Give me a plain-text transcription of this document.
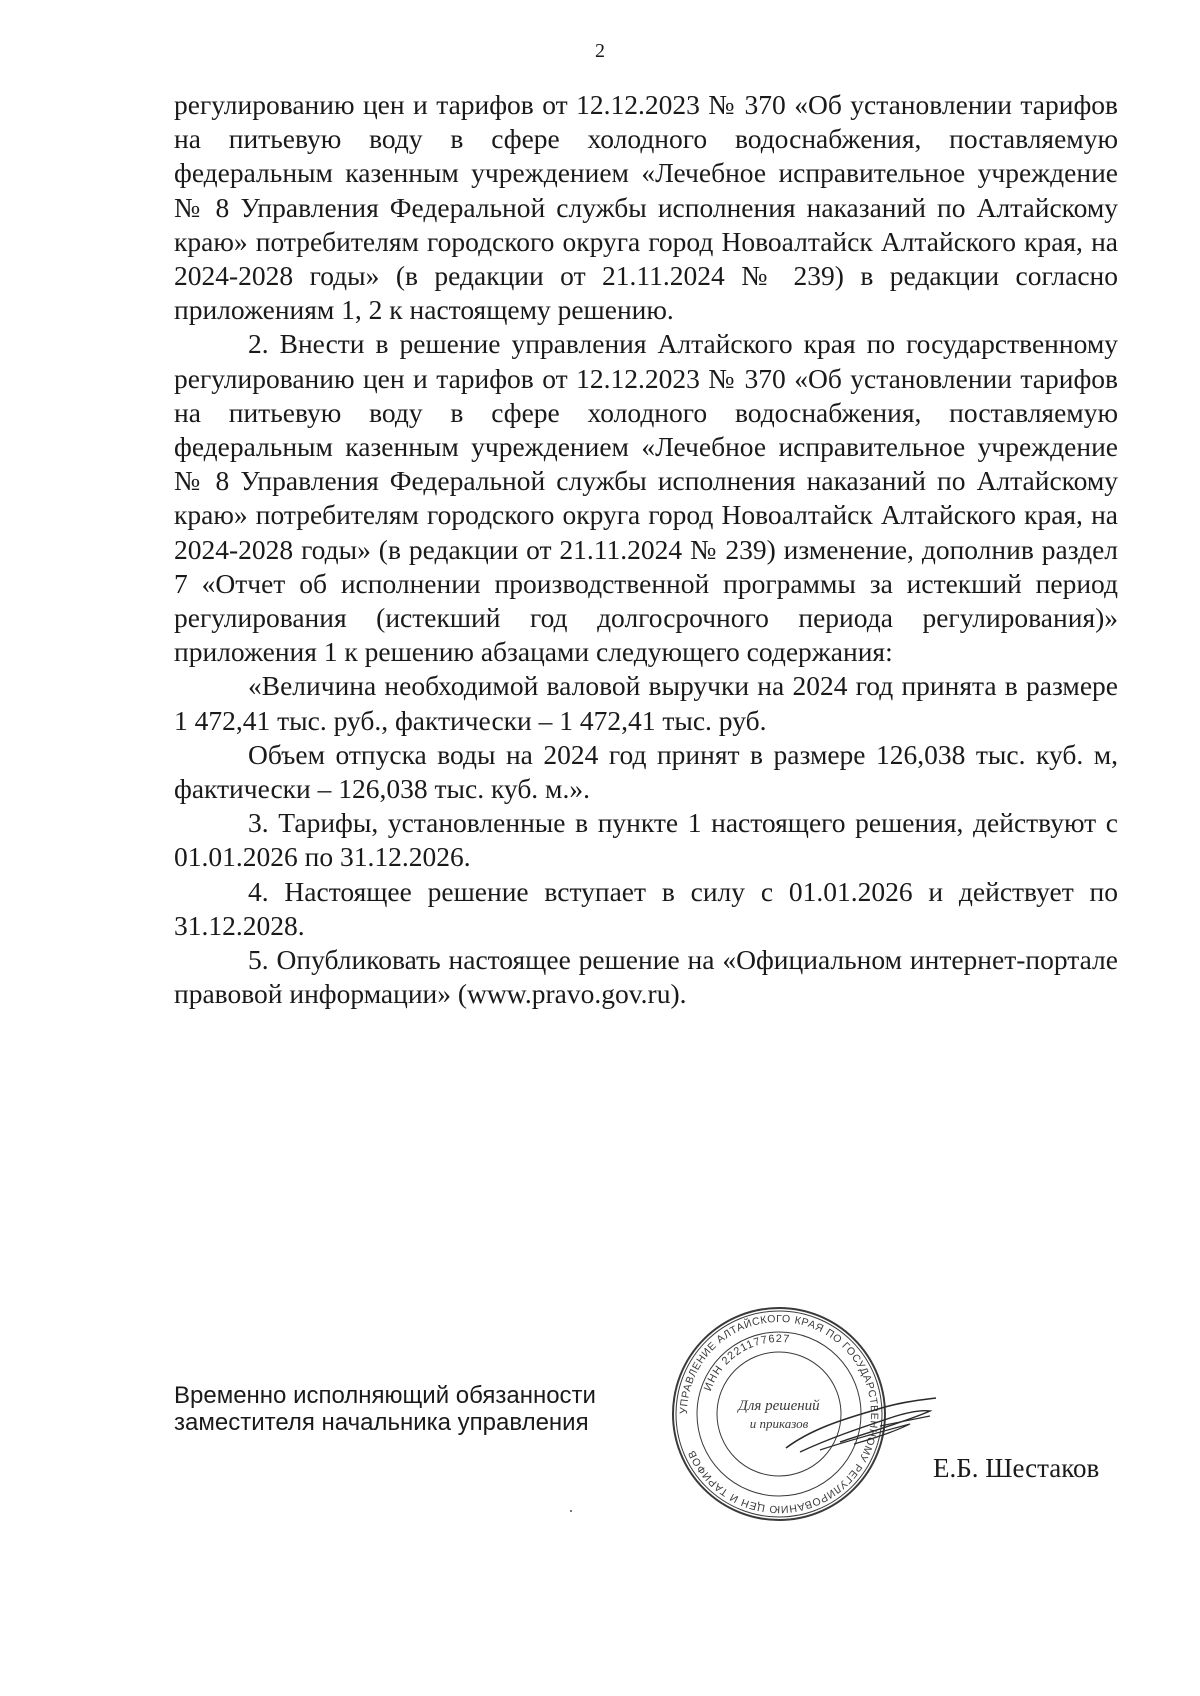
2

регулированию цен и тарифов от 12.12.2023 № 370 «Об установлении тарифов на питьевую воду в сфере холодного водоснабжения, поставляемую федеральным казенным учреждением «Лечебное исправительное учреждение № 8 Управления Федеральной службы исполнения наказаний по Алтайскому краю» потребителям городского округа город Новоалтайск Алтайского края, на 2024-2028 годы» (в редакции от 21.11.2024 № 239) в редакции согласно приложениям 1, 2 к настоящему решению.

2. Внести в решение управления Алтайского края по государственному регулированию цен и тарифов от 12.12.2023 № 370 «Об установлении тарифов на питьевую воду в сфере холодного водоснабжения, поставляемую федеральным казенным учреждением «Лечебное исправительное учреждение № 8 Управления Федеральной службы исполнения наказаний по Алтайскому краю» потребителям городского округа город Новоалтайск Алтайского края, на 2024-2028 годы» (в редакции от 21.11.2024 № 239) изменение, дополнив раздел 7 «Отчет об исполнении производственной программы за истекший период регулирования (истекший год долгосрочного периода регулирования)» приложения 1 к решению абзацами следующего содержания:

«Величина необходимой валовой выручки на 2024 год принята в размере 1 472,41 тыс. руб., фактически – 1 472,41 тыс. руб.

Объем отпуска воды на 2024 год принят в размере 126,038 тыс. куб. м, фактически – 126,038 тыс. куб. м.».

3. Тарифы, установленные в пункте 1 настоящего решения, действуют с 01.01.2026 по 31.12.2026.

4. Настоящее решение вступает в силу с 01.01.2026 и действует по 31.12.2028.

5. Опубликовать настоящее решение на «Официальном интернет-портале правовой информации» (www.pravo.gov.ru).

Временно исполняющий обязанности
заместителя начальника управления	УПРАВЛЕНИЕ АЛТАЙСКОГО КРАЯ ПО ГОСУДАРСТВЕННОМУ РЕГУЛИРОВАНИЮ ЦЕН И ТАРИФОВ
ИНН 2221177627
Для решений
и приказов
Е.Б. Шестаков
